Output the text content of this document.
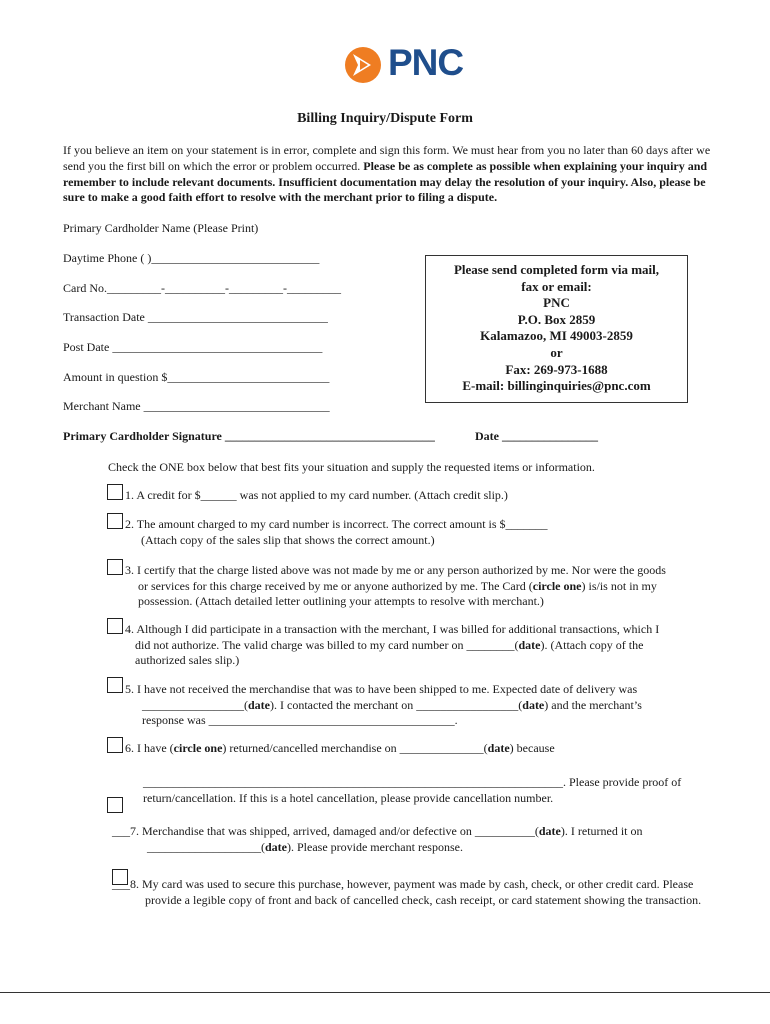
PNC
Billing Inquiry/Dispute Form
If you believe an item on your statement is in error, complete and sign this form. We must hear from you no later than 60 days after we send you the first bill on which the error or problem occurred. Please be as complete as possible when explaining your inquiry and remember to include relevant documents. Insufficient documentation may delay the resolution of your inquiry. Also, please be sure to make a good faith effort to resolve with the merchant prior to filing a dispute.
Primary Cardholder Name (Please Print)
Daytime Phone ( )____________________________
Card No._________-__________-_________-_________
Transaction Date ______________________________
Post Date ___________________________________
Amount in question $___________________________
Merchant Name _______________________________
Please send completed form via mail,
fax or email:
PNC
P.O. Box 2859
Kalamazoo, MI 49003-2859
or
Fax: 269-973-1688
E-mail: billinginquiries@pnc.com
Primary Cardholder Signature ___________________________________	Date ________________
Check the ONE box below that best fits your situation and supply the requested items or information.
1. A credit for $______ was not applied to my card number. (Attach credit slip.)
2. The amount charged to my card number is incorrect. The correct amount is $_______
(Attach copy of the sales slip that shows the correct amount.)
3. I certify that the charge listed above was not made by me or any person authorized by me. Nor were the goods
or services for this charge received by me or anyone authorized by me. The Card (circle one) is/is not in my
possession. (Attach detailed letter outlining your attempts to resolve with merchant.)
4. Although I did participate in a transaction with the merchant, I was billed for additional transactions, which I
did not authorize. The valid charge was billed to my card number on ________(date). (Attach copy of the
authorized sales slip.)
5. I have not received the merchandise that was to have been shipped to me. Expected date of delivery was
_________________(date). I contacted the merchant on _________________(date) and the merchant’s
response was _________________________________________.
6. I have (circle one) returned/cancelled merchandise on ______________(date) because
______________________________________________________________________. Please provide proof of
return/cancellation. If this is a hotel cancellation, please provide cancellation number.
___7. Merchandise that was shipped, arrived, damaged and/or defective on __________(date). I returned it on
___________________(date). Please provide merchant response.
___8. My card was used to secure this purchase, however, payment was made by cash, check, or other credit card. Please
provide a legible copy of front and back of cancelled check, cash receipt, or card statement showing the transaction.
